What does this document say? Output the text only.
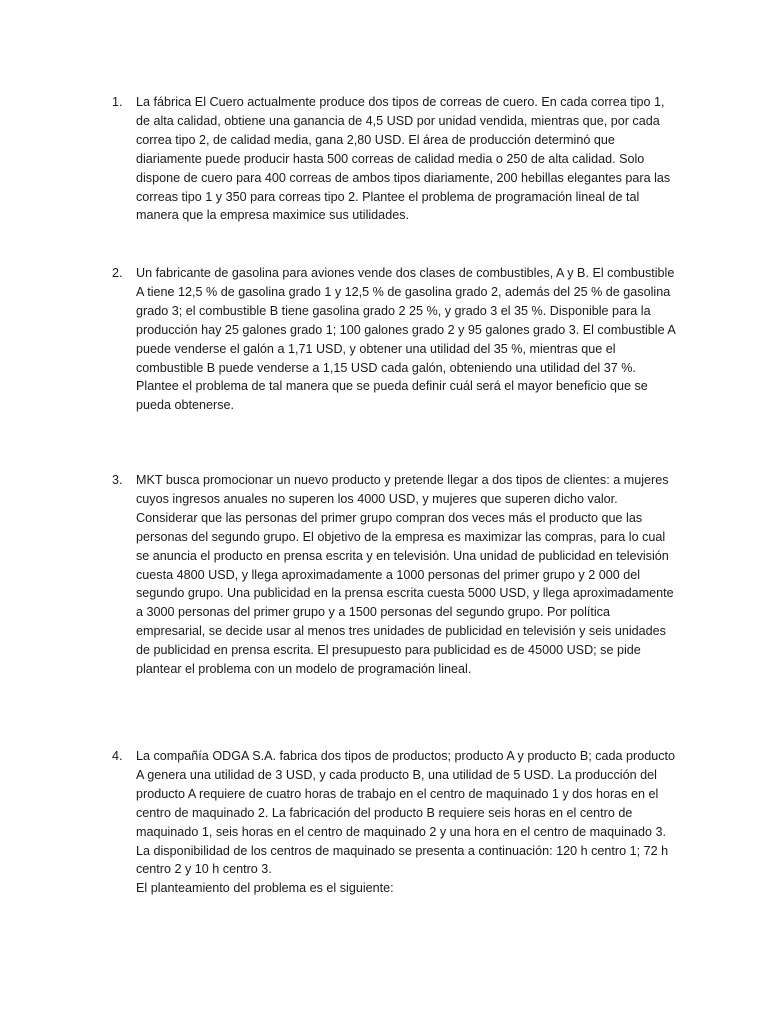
1.	La fábrica El Cuero actualmente produce dos tipos de correas de cuero. En cada correa tipo 1, de alta calidad, obtiene una ganancia de 4,5 USD por unidad vendida, mientras que, por cada correa tipo 2, de calidad media, gana 2,80 USD. El área de producción determinó que diariamente puede producir hasta 500 correas de calidad media o 250 de alta calidad. Solo dispone de cuero para 400 correas de ambos tipos diariamente, 200 hebillas elegantes para las correas tipo 1 y 350 para correas tipo 2. Plantee el problema de programación lineal de tal manera que la empresa maximice sus utilidades.

2.	Un fabricante de gasolina para aviones vende dos clases de combustibles, A y B. El combustible A tiene 12,5 % de gasolina grado 1 y 12,5 % de gasolina grado 2, además del 25 % de gasolina grado 3; el combustible B tiene gasolina grado 2 25 %, y grado 3 el 35 %. Disponible para la producción hay 25 galones grado 1; 100 galones grado 2 y 95 galones grado 3. El combustible A puede venderse el galón a 1,71 USD, y obtener una utilidad del 35 %, mientras que el combustible B puede venderse a 1,15 USD cada galón, obteniendo una utilidad del 37 %. Plantee el problema de tal manera que se pueda definir cuál será el mayor beneficio que se pueda obtenerse.

3.	MKT busca promocionar un nuevo producto y pretende llegar a dos tipos de clientes: a mujeres cuyos ingresos anuales no superen los 4000 USD, y mujeres que superen dicho valor. Considerar que las personas del primer grupo compran dos veces más el producto que las personas del segundo grupo. El objetivo de la empresa es maximizar las compras, para lo cual se anuncia el producto en prensa escrita y en televisión. Una unidad de publicidad en televisión cuesta 4800 USD, y llega aproximadamente a 1000 personas del primer grupo y 2 000 del segundo grupo. Una publicidad en la prensa escrita cuesta 5000 USD, y llega aproximadamente a 3000 personas del primer grupo y a 1500 personas del segundo grupo. Por política empresarial, se decide usar al menos tres unidades de publicidad en televisión y seis unidades de publicidad en prensa escrita. El presupuesto para publicidad es de 45000 USD; se pide plantear el problema con un modelo de programación lineal.

4.	La compañía ODGA S.A. fabrica dos tipos de productos; producto A y producto B; cada producto A genera una utilidad de 3 USD, y cada producto B, una utilidad de 5 USD. La producción del producto A requiere de cuatro horas de trabajo en el centro de maquinado 1 y dos horas en el centro de maquinado 2. La fabricación del producto B requiere seis horas en el centro de maquinado 1, seis horas en el centro de maquinado 2 y una hora en el centro de maquinado 3. La disponibilidad de los centros de maquinado se presenta a continuación: 120 h centro 1; 72 h centro 2 y 10 h centro 3.

El planteamiento del problema es el siguiente:
